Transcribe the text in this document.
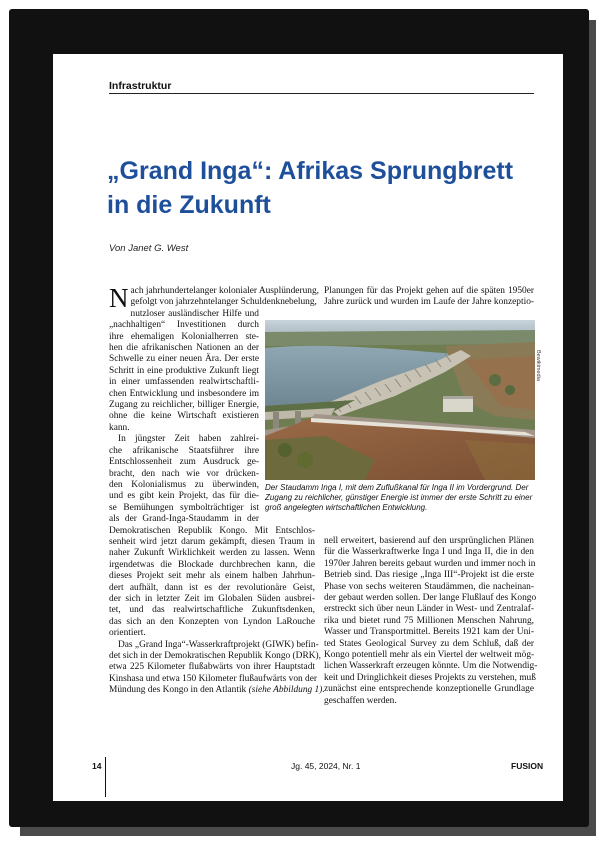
Infrastruktur
„Grand Inga“: Afrikas Sprungbrett
in die Zukunft
Von Janet G. West
N ach jahrhundertelanger kolonialer Ausplünderung,
gefolgt von jahrzehntelanger Schuldenknebelung,
nutzloser ausländischer Hilfe und
„nachhaltigen“ Investitionen durch
ihre ehemaligen Kolonialherren ste-
hen die afrikanischen Nationen an der
Schwelle zu einer neuen Ära. Der erste
Schritt in eine produktive Zukunft liegt
in einer umfassenden realwirtschaftli-
chen Entwicklung und insbesondere im
Zugang zu reichlicher, billiger Energie,
ohne die keine Wirtschaft existieren
kann.
In jüngster Zeit haben zahlrei-
che afrikanische Staatsführer ihre
Entschlossenheit zum Ausdruck ge-
bracht, den nach wie vor drücken-
den Kolonialismus zu überwinden,
und es gibt kein Projekt, das für die-
se Bemühungen symbolträchtiger ist
als der Grand-Inga-Staudamm in der
Demokratischen Republik Kongo. Mit Entschlos-
senheit wird jetzt darum gekämpft, diesen Traum in
naher Zukunft Wirklichkeit werden zu lassen. Wenn
irgendetwas die Blockade durchbrechen kann, die
dieses Projekt seit mehr als einem halben Jahrhun-
dert aufhält, dann ist es der revolutionäre Geist,
der sich in letzter Zeit im Globalen Süden ausbrei-
tet, und das realwirtschaftliche Zukunftsdenken,
das sich an den Konzepten von Lyndon LaRouche
orientiert.
Das „Grand Inga“-Wasserkraftprojekt (GIWK) befin-
det sich in der Demokratischen Republik Kongo (DRK),
etwa 225 Kilometer flußabwärts von ihrer Hauptstadt
Kinshasa und etwa 150 Kilometer flußaufwärts von der
Mündung des Kongo in den Atlantik (siehe Abbildung 1).
Planungen für das Projekt gehen auf die späten 1950er
Jahre zurück und wurden im Laufe der Jahre konzeptio-
Bewikimedia
Der Staudamm Inga I, mit dem Zuflußkanal für Inga II im Vordergrund. Der Zugang zu reichlicher, günstiger Energie ist immer der erste Schritt zu einer groß angelegten wirtschaftlichen Entwicklung.
nell erweitert, basierend auf den ursprünglichen Plänen
für die Wasserkraftwerke Inga I und Inga II, die in den
1970er Jahren bereits gebaut wurden und immer noch in
Betrieb sind. Das riesige „Inga III“-Projekt ist die erste
Phase von sechs weiteren Staudämmen, die nacheinan-
der gebaut werden sollen. Der lange Flußlauf des Kongo
erstreckt sich über neun Länder in West- und Zentralaf-
rika und bietet rund 75 Millionen Menschen Nahrung,
Wasser und Transportmittel. Bereits 1921 kam der Uni-
ted States Geological Survey zu dem Schluß, daß der
Kongo potentiell mehr als ein Viertel der weltweit mög-
lichen Wasserkraft erzeugen könnte. Um die Notwendig-
keit und Dringlichkeit dieses Projekts zu verstehen, muß
zunächst eine entsprechende konzeptionelle Grundlage
geschaffen werden.
14	Jg. 45, 2024, Nr. 1	FUSION
